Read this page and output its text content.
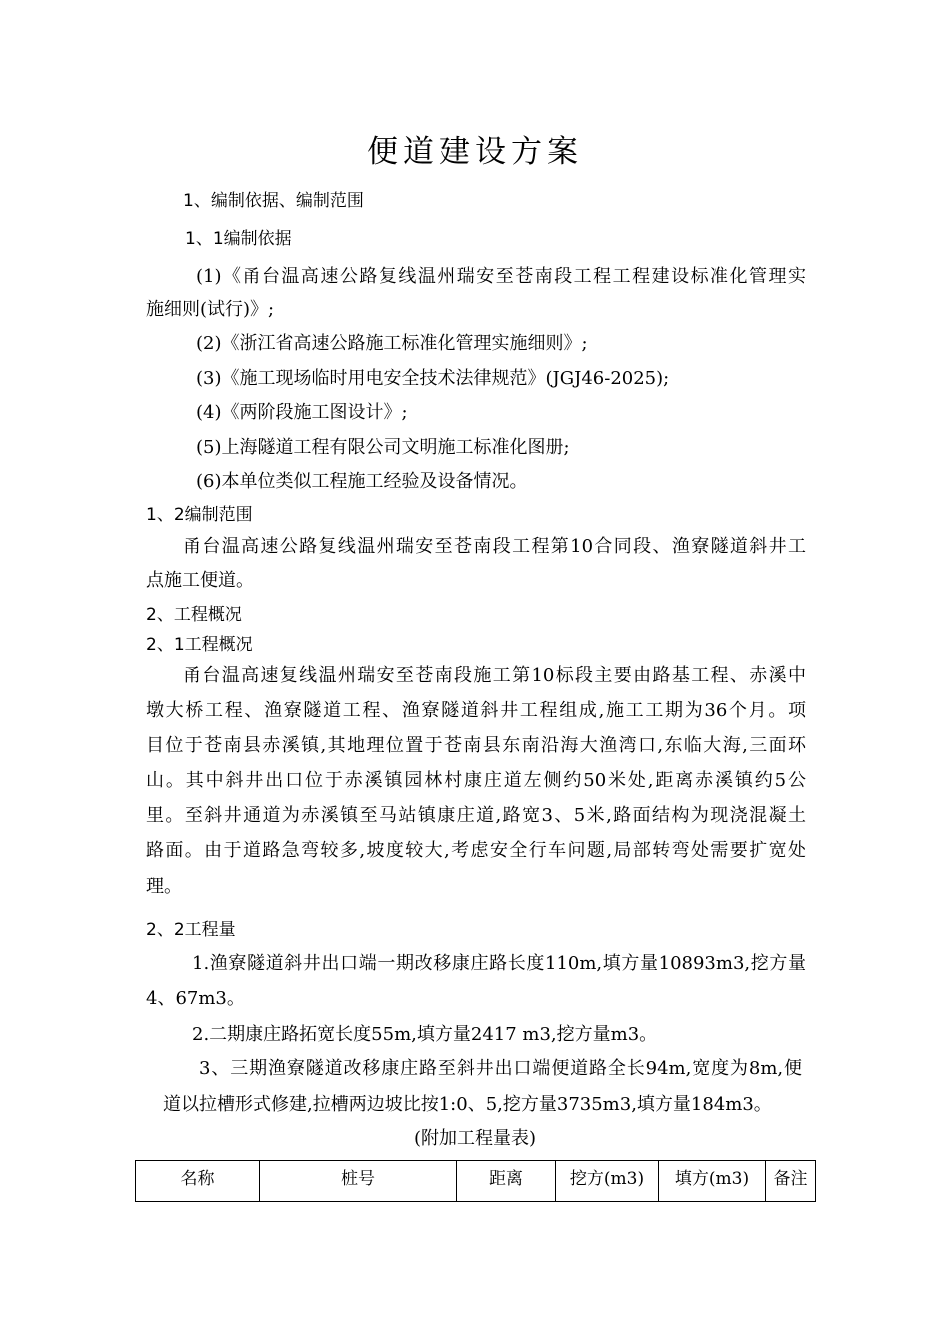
便道建设方案
1、编制依据、编制范围
1、1编制依据
(1)《甬台温高速公路复线温州瑞安至苍南段工程工程建设标准化管理实
施细则(试行)》;
(2)《浙江省高速公路施工标准化管理实施细则》;
(3)《施工现场临时用电安全技术法律规范》(JGJ46-2025);
(4)《两阶段施工图设计》;
(5)上海隧道工程有限公司文明施工标准化图册;
(6)本单位类似工程施工经验及设备情况。
1、2编制范围
甬台温高速公路复线温州瑞安至苍南段工程第10合同段、渔寮隧道斜井工
点施工便道。
2、工程概况
2、1工程概况
甬台温高速复线温州瑞安至苍南段施工第10标段主要由路基工程、赤溪中
墩大桥工程、渔寮隧道工程、渔寮隧道斜井工程组成,施工工期为36个月。项
目位于苍南县赤溪镇,其地理位置于苍南县东南沿海大渔湾口,东临大海,三面环
山。其中斜井出口位于赤溪镇园林村康庄道左侧约50米处,距离赤溪镇约5公
里。至斜井通道为赤溪镇至马站镇康庄道,路宽3、5米,路面结构为现浇混凝土
路面。由于道路急弯较多,坡度较大,考虑安全行车问题,局部转弯处需要扩宽处
理。
2、2工程量
1.渔寮隧道斜井出口端一期改移康庄路长度110m,填方量10893m3,挖方量
4、67m3。
2.二期康庄路拓宽长度55m,填方量2417 m3,挖方量m3。
3、三期渔寮隧道改移康庄路至斜井出口端便道路全长94m,宽度为8m,便
道以拉槽形式修建,拉槽两边坡比按1:0、5,挖方量3735m3,填方量184m3。
(附加工程量表)
名称	桩号	距离	挖方(m3)	填方(m3)	备注
